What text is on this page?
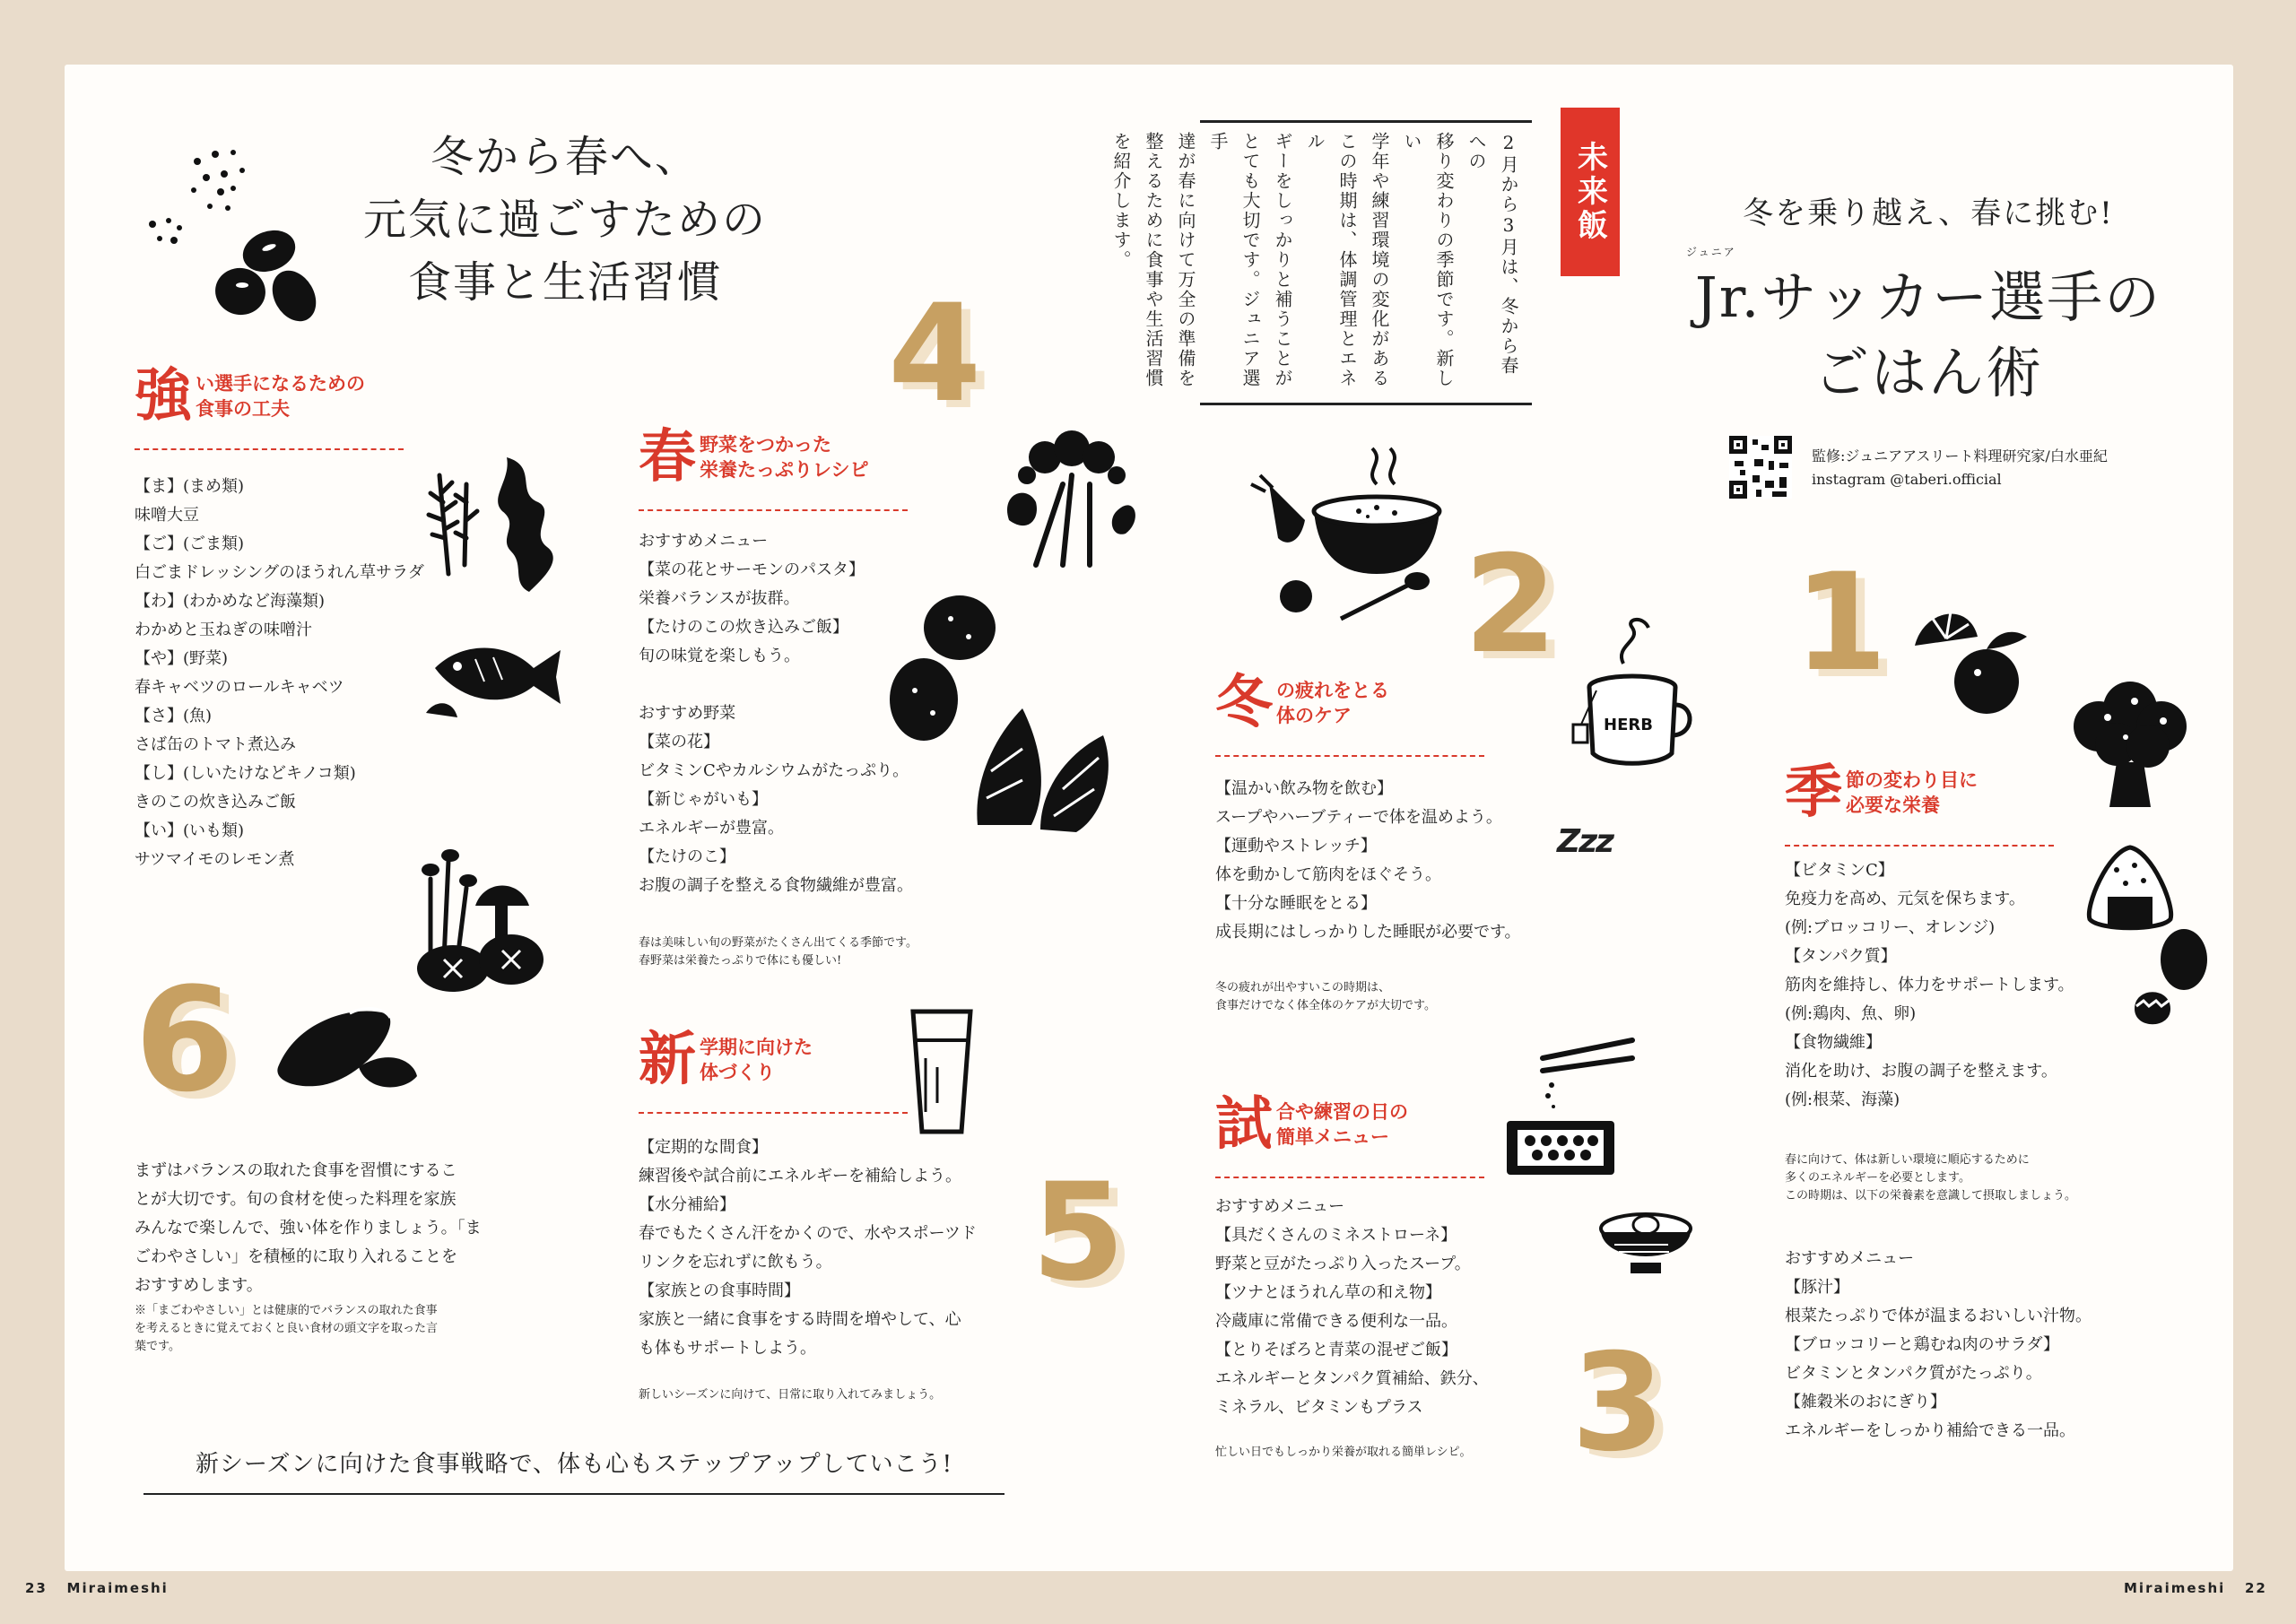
冬から春へ、
元気に過ごすための
食事と生活習慣
強 い選手になるための
食事の工夫
【ま】(まめ類)
味噌大豆
【ご】(ごま類)
白ごまドレッシングのほうれん草サラダ
【わ】(わかめなど海藻類)
わかめと玉ねぎの味噌汁
【や】(野菜)
春キャベツのロールキャベツ
【さ】(魚)
さば缶のトマト煮込み
【し】(しいたけなどキノコ類)
きのこの炊き込みご飯
【い】(いも類)
サツマイモのレモン煮
6
まずはバランスの取れた食事を習慣にするこ
とが大切です。旬の食材を使った料理を家族
みんなで楽しんで、強い体を作りましょう。「ま
ごわやさしい」を積極的に取り入れることを
おすすめします。
※「まごわやさしい」とは健康的でバランスの取れた食事
を考えるときに覚えておくと良い食材の頭文字を取った言
葉です。
4
春 野菜をつかった
栄養たっぷりレシピ
おすすめメニュー
【菜の花とサーモンのパスタ】
栄養バランスが抜群。
【たけのこの炊き込みご飯】
旬の味覚を楽しもう。

おすすめ野菜
【菜の花】
ビタミンCやカルシウムがたっぷり。
【新じゃがいも】
エネルギーが豊富。
【たけのこ】
お腹の調子を整える食物繊維が豊富。
春は美味しい旬の野菜がたくさん出てくる季節です。
春野菜は栄養たっぷりで体にも優しい!
新 学期に向けた
体づくり
【定期的な間食】
練習後や試合前にエネルギーを補給しよう。
【水分補給】
春でもたくさん汗をかくので、水やスポーツド
リンクを忘れずに飲もう。
【家族との食事時間】
家族と一緒に食事をする時間を増やして、心
も体もサポートしよう。
新しいシーズンに向けて、日常に取り入れてみましょう。
5
新シーズンに向けた食事戦略で、体も心もステップアップしていこう!
23 Miraimeshi
2月から3月は、冬から春への
移り変わりの季節です。新しい
学年や練習環境の変化がある
この時期は、体調管理とエネル
ギーをしっかりと補うことが
とても大切です。ジュニア選手
達が春に向けて万全の準備を
整えるために食事や生活習慣
を紹介します。	未来飯	冬を乗り越え、春に挑む!
ジュニア
Jr.サッカー選手の
ごはん術
監修:ジュニアアスリート料理研究家/白水亜紀
instagram @taberi.official
2
HERB
Zzz
冬 の疲れをとる
体のケア
【温かい飲み物を飲む】
スープやハーブティーで体を温めよう。
【運動やストレッチ】
体を動かして筋肉をほぐそう。
【十分な睡眠をとる】
成長期にはしっかりした睡眠が必要です。
冬の疲れが出やすいこの時期は、
食事だけでなく体全体のケアが大切です。
試 合や練習の日の
簡単メニュー
おすすめメニュー
【具だくさんのミネストローネ】
野菜と豆がたっぷり入ったスープ。
【ツナとほうれん草の和え物】
冷蔵庫に常備できる便利な一品。
【とりそぼろと青菜の混ぜご飯】
エネルギーとタンパク質補給、鉄分、
ミネラル、ビタミンもプラス
忙しい日でもしっかり栄養が取れる簡単レシピ。 3
1
季 節の変わり目に
必要な栄養
【ビタミンC】
免疫力を高め、元気を保ちます。
(例:ブロッコリー、オレンジ)
【タンパク質】
筋肉を維持し、体力をサポートします。
(例:鶏肉、魚、卵)
【食物繊維】
消化を助け、お腹の調子を整えます。
(例:根菜、海藻)
春に向けて、体は新しい環境に順応するために
多くのエネルギーを必要とします。
この時期は、以下の栄養素を意識して摂取しましょう。
おすすめメニュー
【豚汁】
根菜たっぷりで体が温まるおいしい汁物。
【ブロッコリーと鶏むね肉のサラダ】
ビタミンとタンパク質がたっぷり。
【雑穀米のおにぎり】
エネルギーをしっかり補給できる一品。
Miraimeshi 22
